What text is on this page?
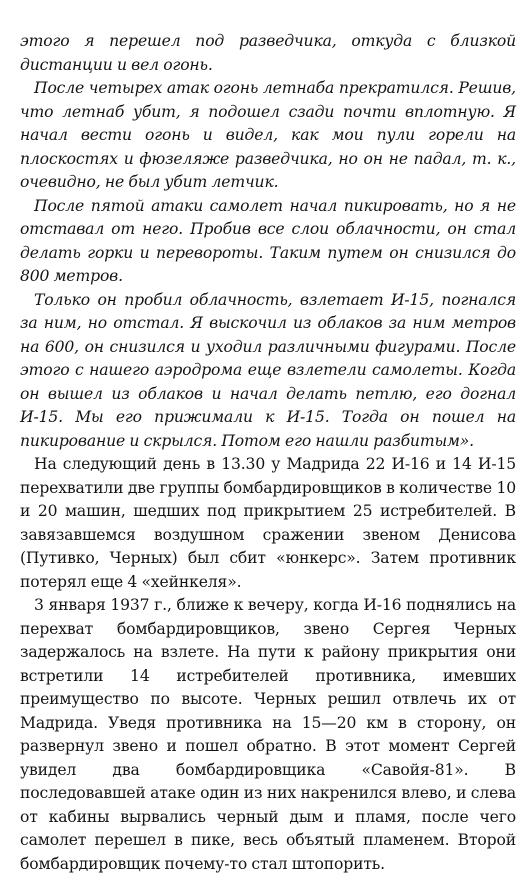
этого я перешел под разведчика, откуда с близкой дистанции и вел огонь.

После четырех атак огонь летнаба прекратился. Решив, что летнаб убит, я подошел сзади почти вплотную. Я начал вести огонь и видел, как мои пули горели на плоскостях и фюзеляже разведчика, но он не падал, т. к., очевидно, не был убит летчик.

После пятой атаки самолет начал пикировать, но я не отставал от него. Пробив все слои облачности, он стал делать горки и перевороты. Таким путем он снизился до 800 метров.

Только он пробил облачность, взлетает И-15, погнался за ним, но отстал. Я выскочил из облаков за ним метров на 600, он снизился и уходил различными фигурами. После этого с нашего аэродрома еще взлетели самолеты. Когда он вышел из облаков и начал делать петлю, его догнал И-15. Мы его прижимали к И-15. Тогда он пошел на пикирование и скрылся. Потом его нашли разбитым».

На следующий день в 13.30 у Мадрида 22 И-16 и 14 И-15 перехватили две группы бомбардировщиков в количестве 10 и 20 машин, шедших под прикрытием 25 истребителей. В завязавшемся воздушном сражении звеном Денисова (Путивко, Черных) был сбит «юнкерс». Затем противник потерял еще 4 «хейнкеля».

3 января 1937 г., ближе к вечеру, когда И-16 поднялись на перехват бомбардировщиков, звено Сергея Черных задержалось на взлете. На пути к району прикрытия они встретили 14 истребителей противника, имевших преимущество по высоте. Черных решил отвлечь их от Мадрида. Уведя противника на 15—20 км в сторону, он развернул звено и пошел обратно. В этот момент Сергей увидел два бомбардировщика «Савойя-81». В последовавшей атаке один из них накренился влево, и слева от кабины вырвались черный дым и пламя, после чего самолет перешел в пике, весь объятый пламенем. Второй бомбардировщик почему-то стал штопорить.
